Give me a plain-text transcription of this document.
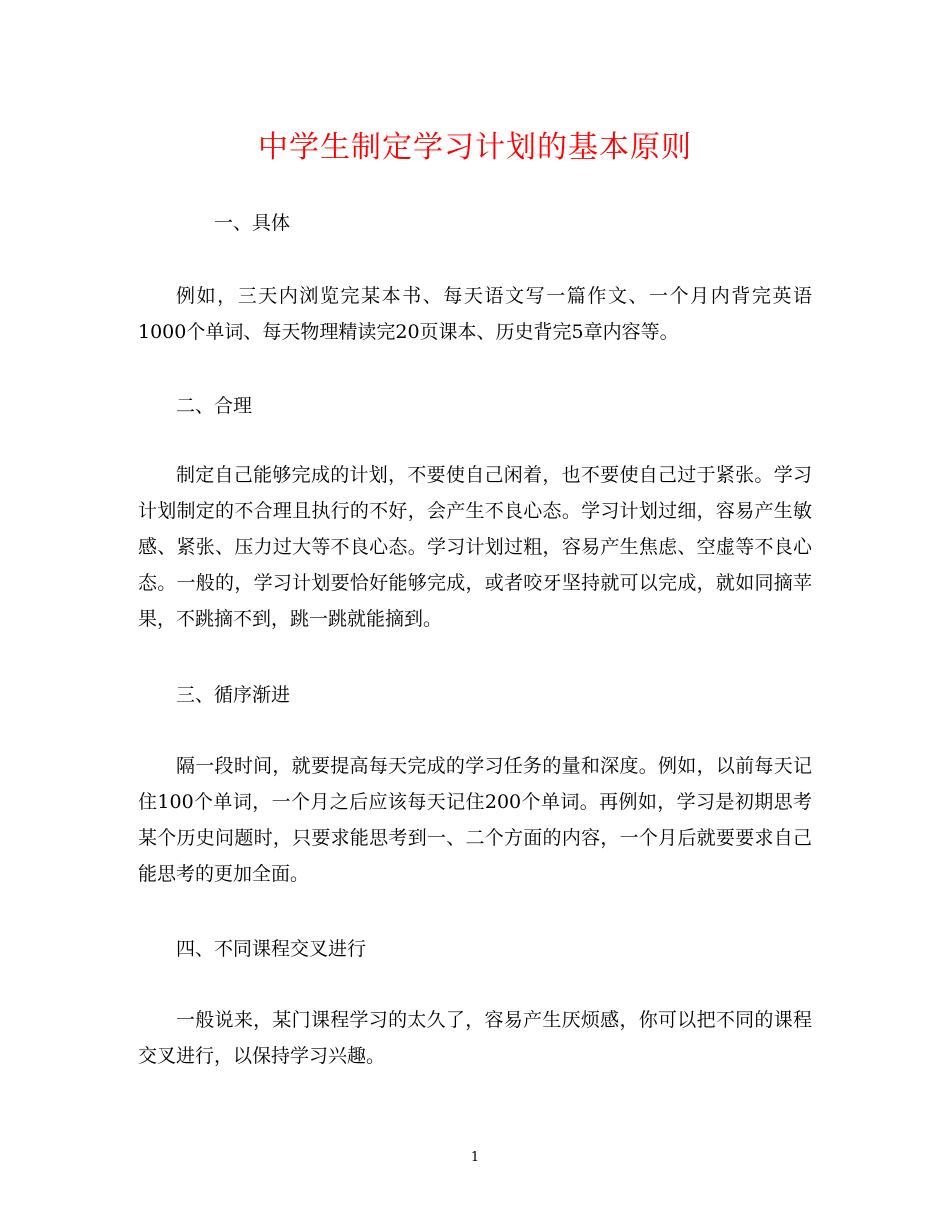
中学生制定学习计划的基本原则
一、具体
例如，三天内浏览完某本书、每天语文写一篇作文、一个月内背完英语1000个单词、每天物理精读完20页课本、历史背完5章内容等。
二、合理
制定自己能够完成的计划，不要使自己闲着，也不要使自己过于紧张。学习计划制定的不合理且执行的不好，会产生不良心态。学习计划过细，容易产生敏感、紧张、压力过大等不良心态。学习计划过粗，容易产生焦虑、空虚等不良心态。一般的，学习计划要恰好能够完成，或者咬牙坚持就可以完成，就如同摘苹果，不跳摘不到，跳一跳就能摘到。
三、循序渐进
隔一段时间，就要提高每天完成的学习任务的量和深度。例如，以前每天记住100个单词，一个月之后应该每天记住200个单词。再例如，学习是初期思考某个历史问题时，只要求能思考到一、二个方面的内容，一个月后就要要求自己能思考的更加全面。
四、不同课程交叉进行
一般说来，某门课程学习的太久了，容易产生厌烦感，你可以把不同的课程交叉进行，以保持学习兴趣。
1
